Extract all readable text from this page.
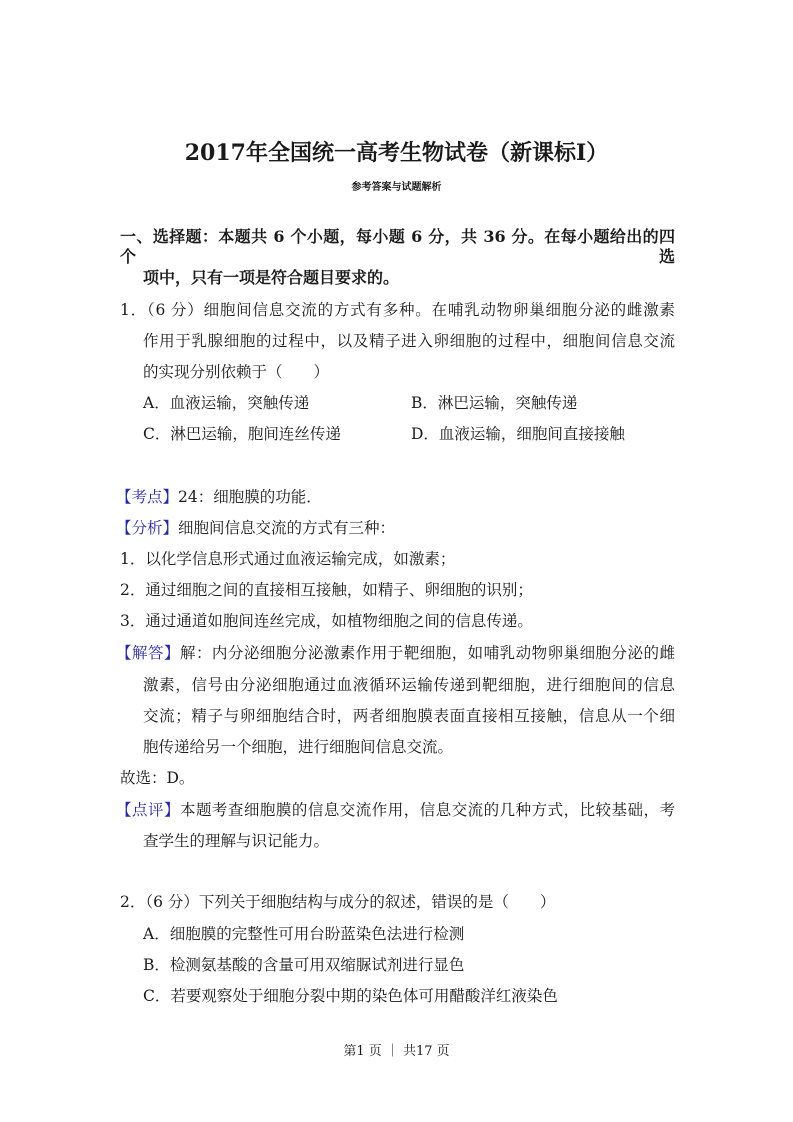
2017年全国统一高考生物试卷（新课标I）
参考答案与试题解析
一、选择题：本题共 6 个小题，每小题 6 分，共 36 分。在每小题给出的四个选
项中，只有一项是符合题目要求的。
1．（6 分）细胞间信息交流的方式有多种。在哺乳动物卵巢细胞分泌的雌激素
作用于乳腺细胞的过程中，以及精子进入卵细胞的过程中，细胞间信息交流
的实现分别依赖于（　　）
A．血液运输，突触传递	B．淋巴运输，突触传递
C．淋巴运输，胞间连丝传递	D．血液运输，细胞间直接接触
【考点】24：细胞膜的功能．
【分析】细胞间信息交流的方式有三种：
1．以化学信息形式通过血液运输完成，如激素；
2．通过细胞之间的直接相互接触，如精子、卵细胞的识别；
3．通过通道如胞间连丝完成，如植物细胞之间的信息传递。
【解答】解：内分泌细胞分泌激素作用于靶细胞，如哺乳动物卵巢细胞分泌的雌
激素，信号由分泌细胞通过血液循环运输传递到靶细胞，进行细胞间的信息
交流；精子与卵细胞结合时，两者细胞膜表面直接相互接触，信息从一个细
胞传递给另一个细胞，进行细胞间信息交流。
故选：D。
【点评】本题考查细胞膜的信息交流作用，信息交流的几种方式，比较基础，考
查学生的理解与识记能力。
2．（6 分）下列关于细胞结构与成分的叙述，错误的是（　　）
A．细胞膜的完整性可用台盼蓝染色法进行检测
B．检测氨基酸的含量可用双缩脲试剂进行显色
C．若要观察处于细胞分裂中期的染色体可用醋酸洋红液染色
第1 页 ｜ 共17 页
